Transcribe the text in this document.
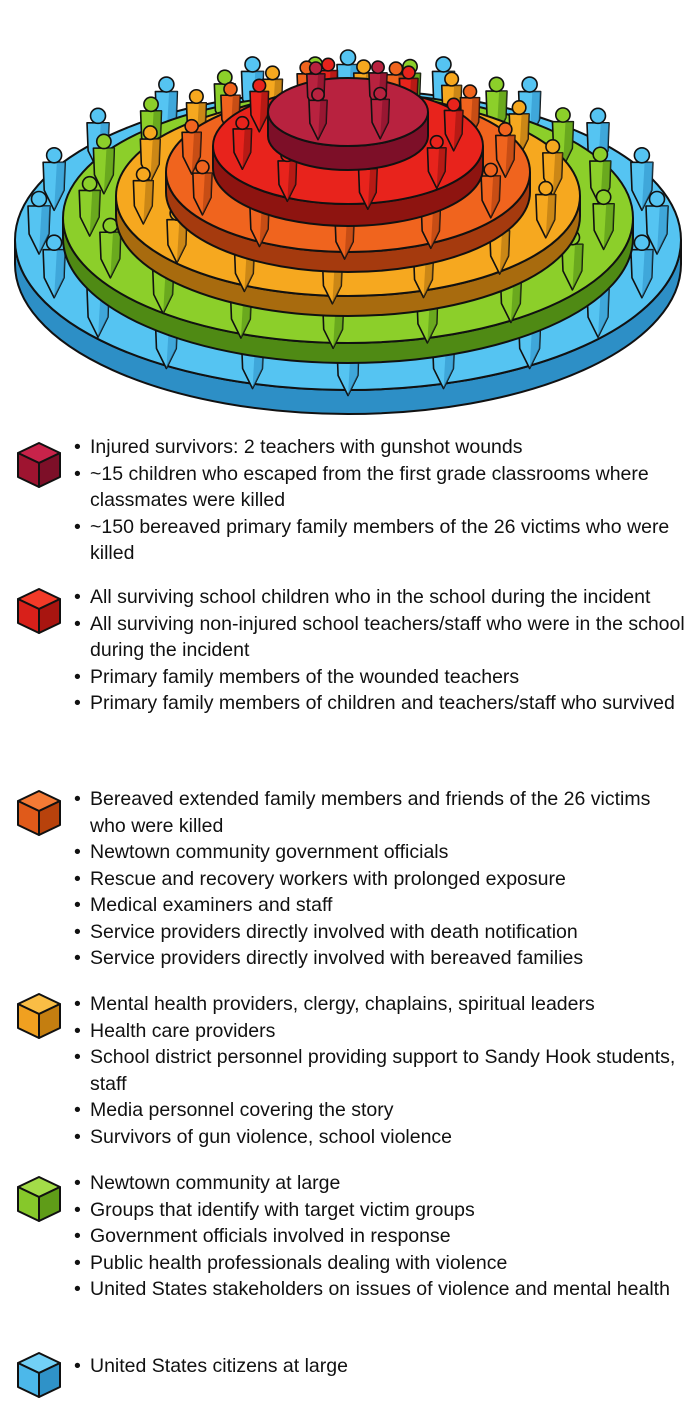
• Injured survivors: 2 teachers with gunshot wounds
• ~15 children who escaped from the first grade classrooms where classmates were killed
• ~150 bereaved primary family members of the 26 victims who were killed
• All surviving school children who in the school during the incident
• All surviving non-injured school teachers/staff who were in the school during the incident
• Primary family members of the wounded teachers
• Primary family members of children and teachers/staff who survived
• Bereaved extended family members and friends of the 26 victims who were killed
• Newtown community government officials
• Rescue and recovery workers with prolonged exposure
• Medical examiners and staff
• Service providers directly involved with death notification
• Service providers directly involved with bereaved families
• Mental health providers, clergy, chaplains, spiritual leaders
• Health care providers
• School district personnel providing support to Sandy Hook students, staff
• Media personnel covering the story
• Survivors of gun violence, school violence
• Newtown community at large
• Groups that identify with target victim groups
• Government officials involved in response
• Public health professionals dealing with violence
• United States stakeholders on issues of violence and mental health
• United States citizens at large
